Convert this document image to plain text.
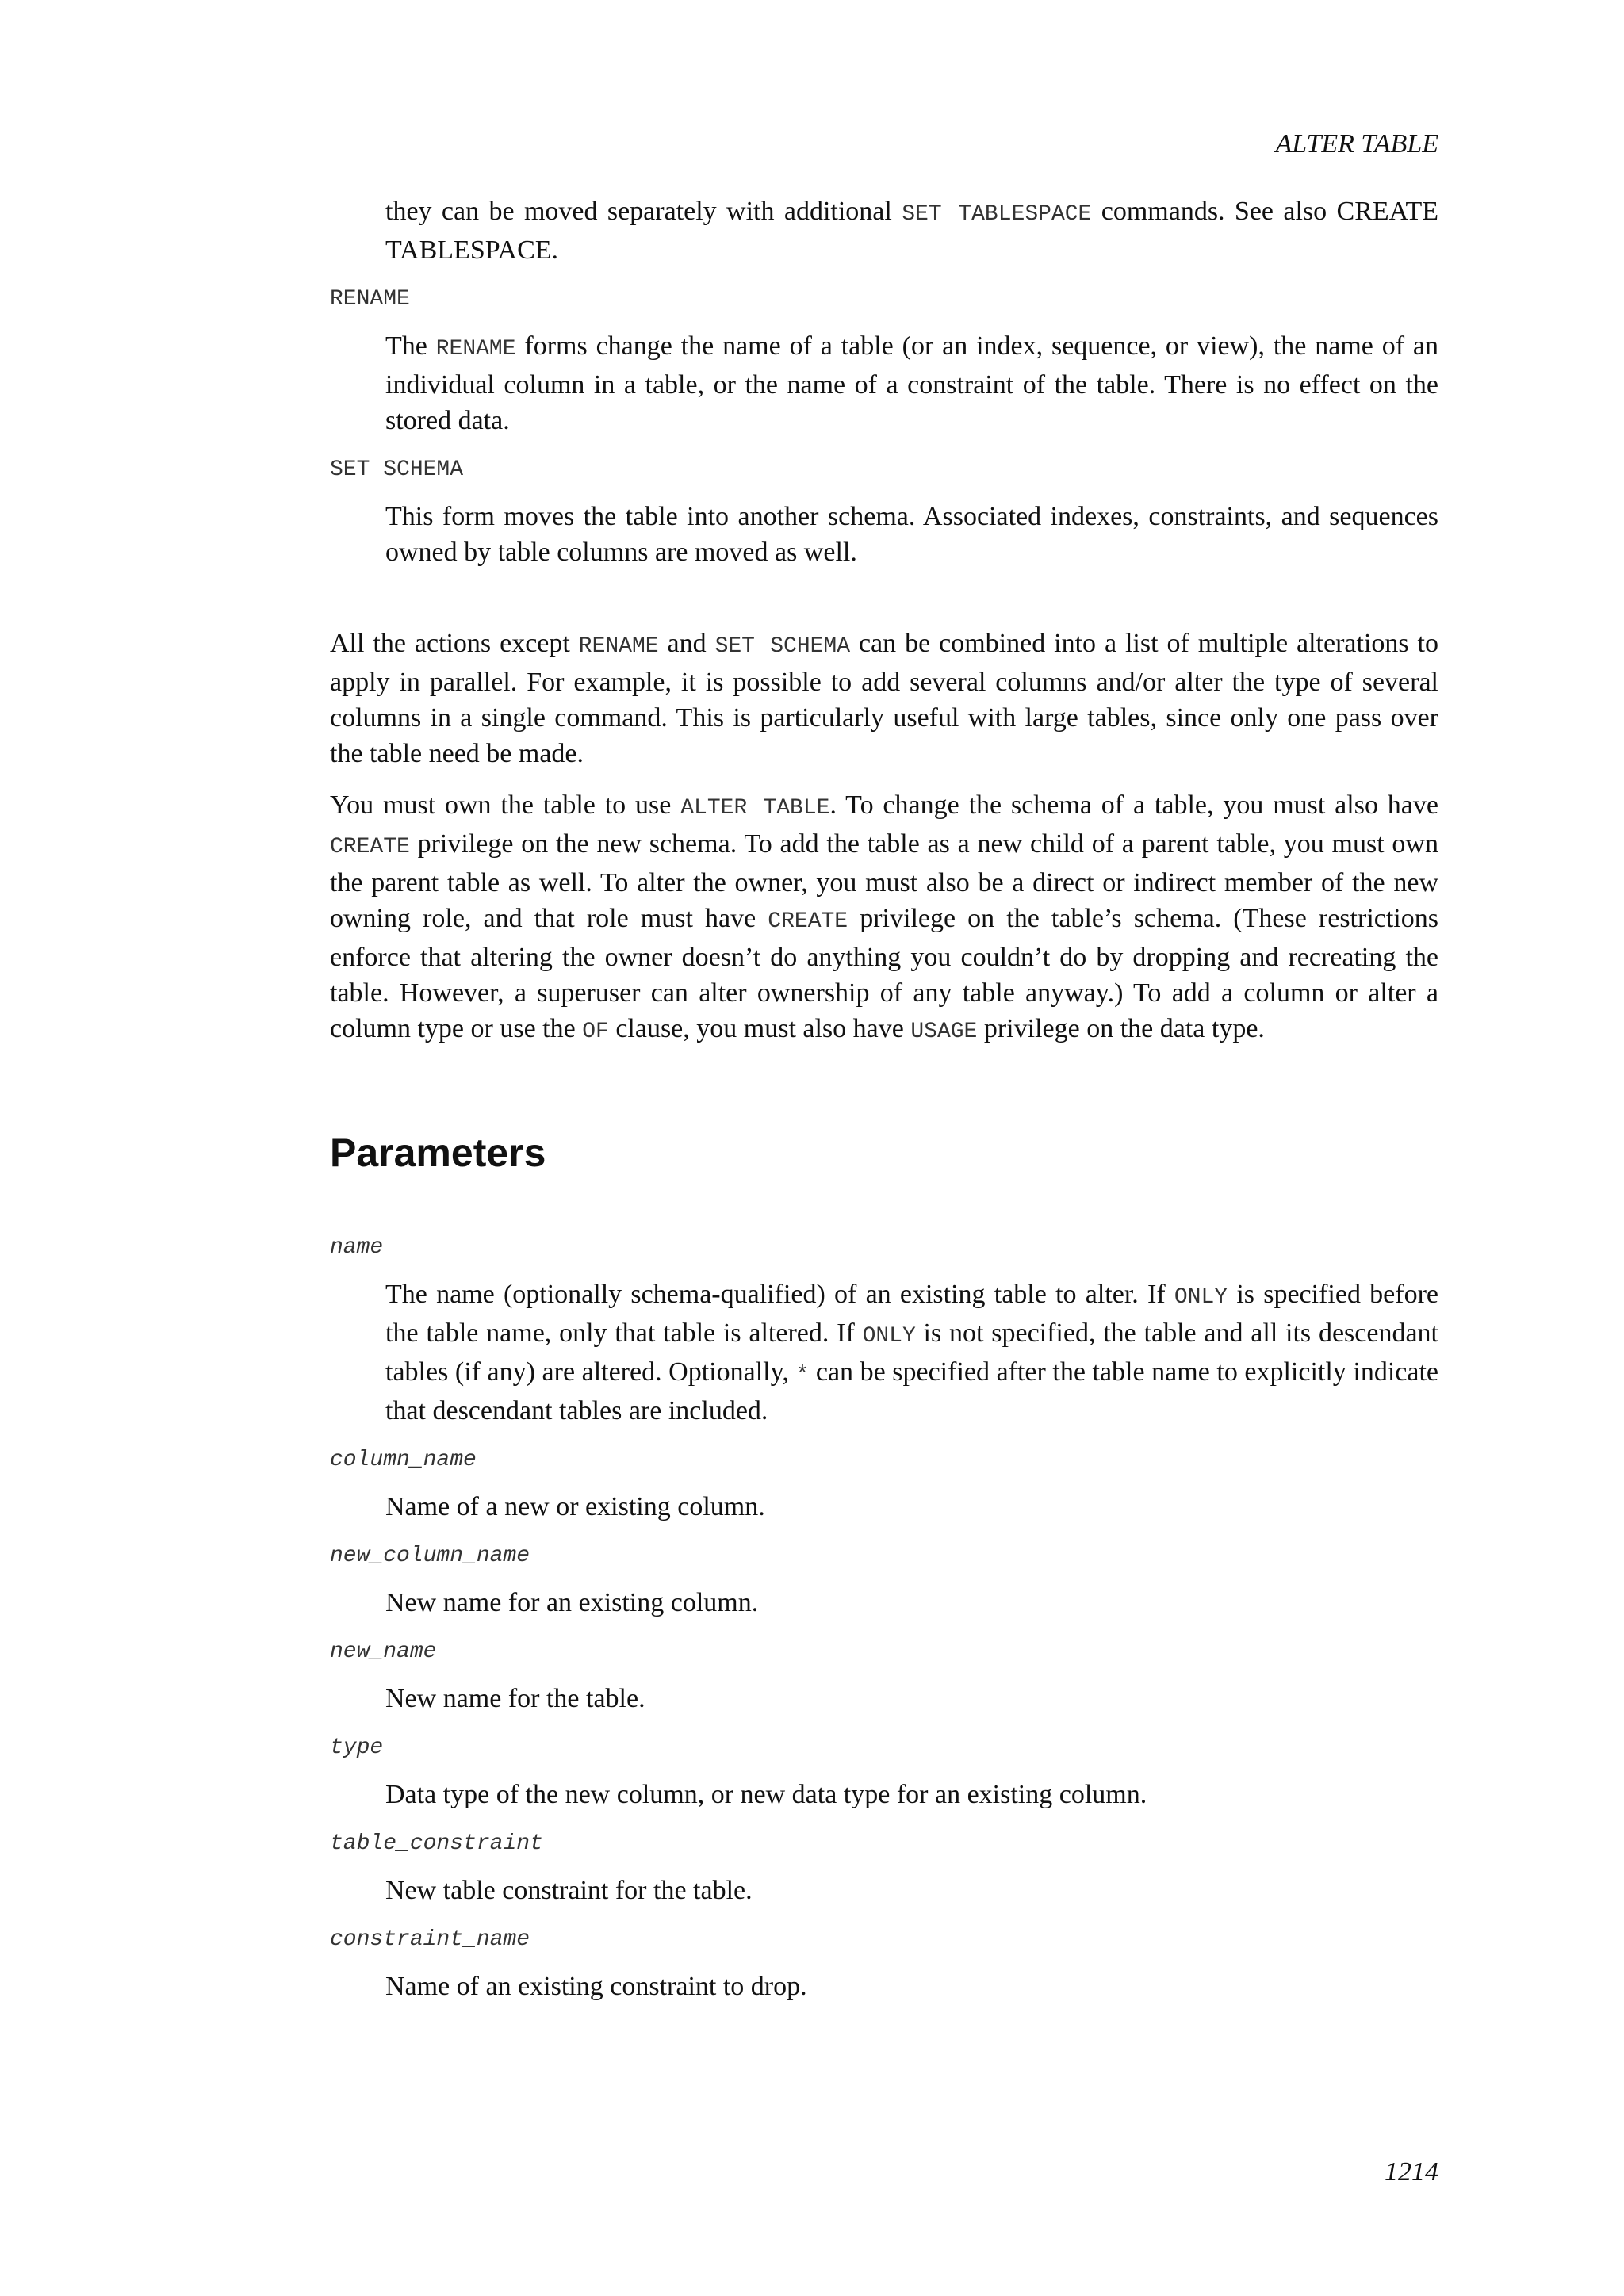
ALTER TABLE

they can be moved separately with additional SET TABLESPACE commands. See also CREATE TABLESPACE.

RENAME

The RENAME forms change the name of a table (or an index, sequence, or view), the name of an individual column in a table, or the name of a constraint of the table. There is no effect on the stored data.

SET SCHEMA

This form moves the table into another schema. Associated indexes, constraints, and sequences owned by table columns are moved as well.

All the actions except RENAME and SET SCHEMA can be combined into a list of multiple alterations to apply in parallel. For example, it is possible to add several columns and/or alter the type of several columns in a single command. This is particularly useful with large tables, since only one pass over the table need be made.

You must own the table to use ALTER TABLE. To change the schema of a table, you must also have CREATE privilege on the new schema. To add the table as a new child of a parent table, you must own the parent table as well. To alter the owner, you must also be a direct or indirect member of the new owning role, and that role must have CREATE privilege on the table’s schema. (These restrictions enforce that altering the owner doesn’t do anything you couldn’t do by dropping and recreating the table. However, a superuser can alter ownership of any table anyway.) To add a column or alter a column type or use the OF clause, you must also have USAGE privilege on the data type.

Parameters
name

The name (optionally schema-qualified) of an existing table to alter. If ONLY is specified before the table name, only that table is altered. If ONLY is not specified, the table and all its descendant tables (if any) are altered. Optionally, * can be specified after the table name to explicitly indicate that descendant tables are included.

column_name

Name of a new or existing column.

new_column_name

New name for an existing column.

new_name

New name for the table.

type

Data type of the new column, or new data type for an existing column.

table_constraint

New table constraint for the table.

constraint_name

Name of an existing constraint to drop.

1214
